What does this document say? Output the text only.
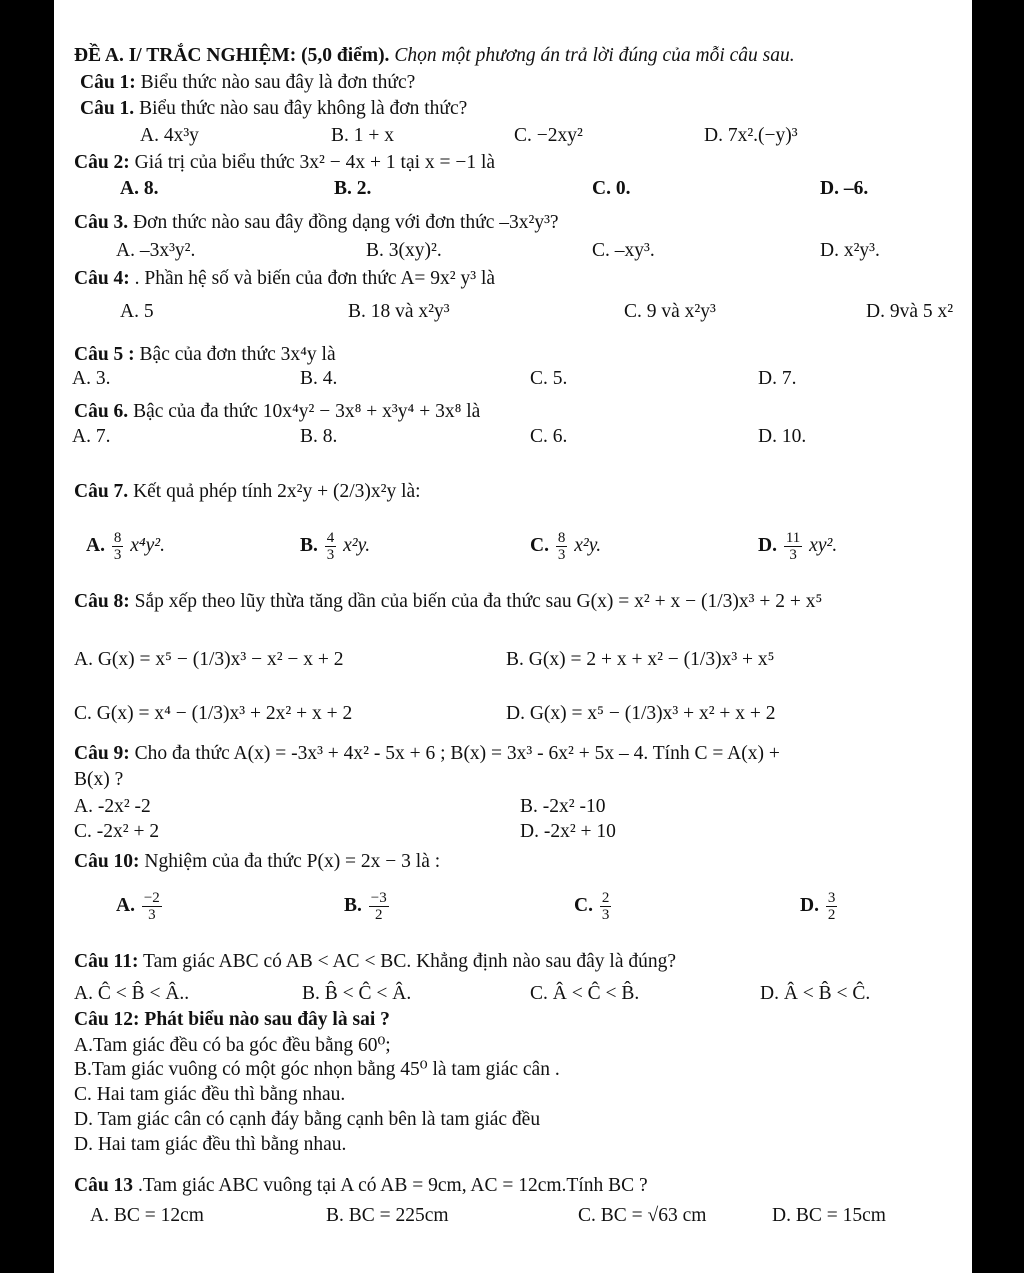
ĐỀ A. I/ TRẮC NGHIỆM: (5,0 điểm). Chọn một phương án trả lời đúng của mỗi câu sau.
Câu 1: Biểu thức nào sau đây là đơn thức?
Câu 1. Biểu thức nào sau đây không là đơn thức?
A. 4x³y	B. 1 + x	C. −2xy²	D. 7x².(−y)³
Câu 2: Giá trị của biểu thức 3x² − 4x + 1 tại x = −1 là
A. 8.	B. 2.	C. 0.	D. –6.
Câu 3. Đơn thức nào sau đây đồng dạng với đơn thức –3x²y³?
A. –3x³y².	B. 3(xy)².	C. –xy³.	D. x²y³.
Câu 4: . Phần hệ số và biến của đơn thức A= 9x² y³ là
A. 5	B. 18 và x²y³	C. 9 và x²y³	D. 9và 5 x²
Câu 5 : Bậc của đơn thức 3x⁴y là
A. 3.	B. 4.	C. 5.	D. 7.
Câu 6. Bậc của đa thức 10x⁴y² − 3x⁸ + x³y⁴ + 3x⁸ là
A. 7.	B. 8.	C. 6.	D. 10.
Câu 7. Kết quả phép tính 2x²y + (2/3)x²y là:
A. $\frac{8}{3} x^4y^2$.	B. $\frac{4}{3} x^2y$.	C. $\frac{8}{3} x^2y$.	D. $\frac{11}{3} xy^2$.
Câu 8: Sắp xếp theo lũy thừa tăng dần của biến của đa thức sau G(x) = x² + x − (1/3)x³ + 2 + x⁵
A. G(x) = x⁵ − (1/3)x³ − x² − x + 2	B. G(x) = 2 + x + x² − (1/3)x³ + x⁵
C. G(x) = x⁴ − (1/3)x³ + 2x² + x + 2	D. G(x) = x⁵ − (1/3)x³ + x² + x + 2
Câu 9: Cho đa thức A(x) = -3x³ + 4x² - 5x + 6 ; B(x) = 3x³ - 6x² + 5x – 4. Tính C = A(x) +
B(x) ?
A. -2x² -2	B. -2x² -10
C. -2x² + 2	D. -2x² + 10
Câu 10: Nghiệm của đa thức P(x) = 2x − 3 là :
A. $\frac{-2}{3}$	B. $\frac{-3}{2}$	C. $\frac{2}{3}$	D. $\frac{3}{2}$
Câu 11: Tam giác ABC có AB < AC < BC. Khẳng định nào sau đây là đúng?
A. Ĉ < B̂ < Â..	B. B̂ < Ĉ < Â.	C. Â < Ĉ < B̂.	D. Â < B̂ < Ĉ.
Câu 12: Phát biểu nào sau đây là sai ?
A.Tam giác đều có ba góc đều bằng 60⁰;
B.Tam giác vuông có một góc nhọn bằng 45⁰ là tam giác cân .
C. Hai tam giác đều thì bằng nhau.
D. Tam giác cân có cạnh đáy bằng cạnh bên là tam giác đều
D. Hai tam giác đều thì bằng nhau.
Câu 13 .Tam giác ABC vuông tại A có AB = 9cm, AC = 12cm.Tính BC ?
A. BC = 12cm	B. BC = 225cm	C. BC = √63 cm	D. BC = 15cm
